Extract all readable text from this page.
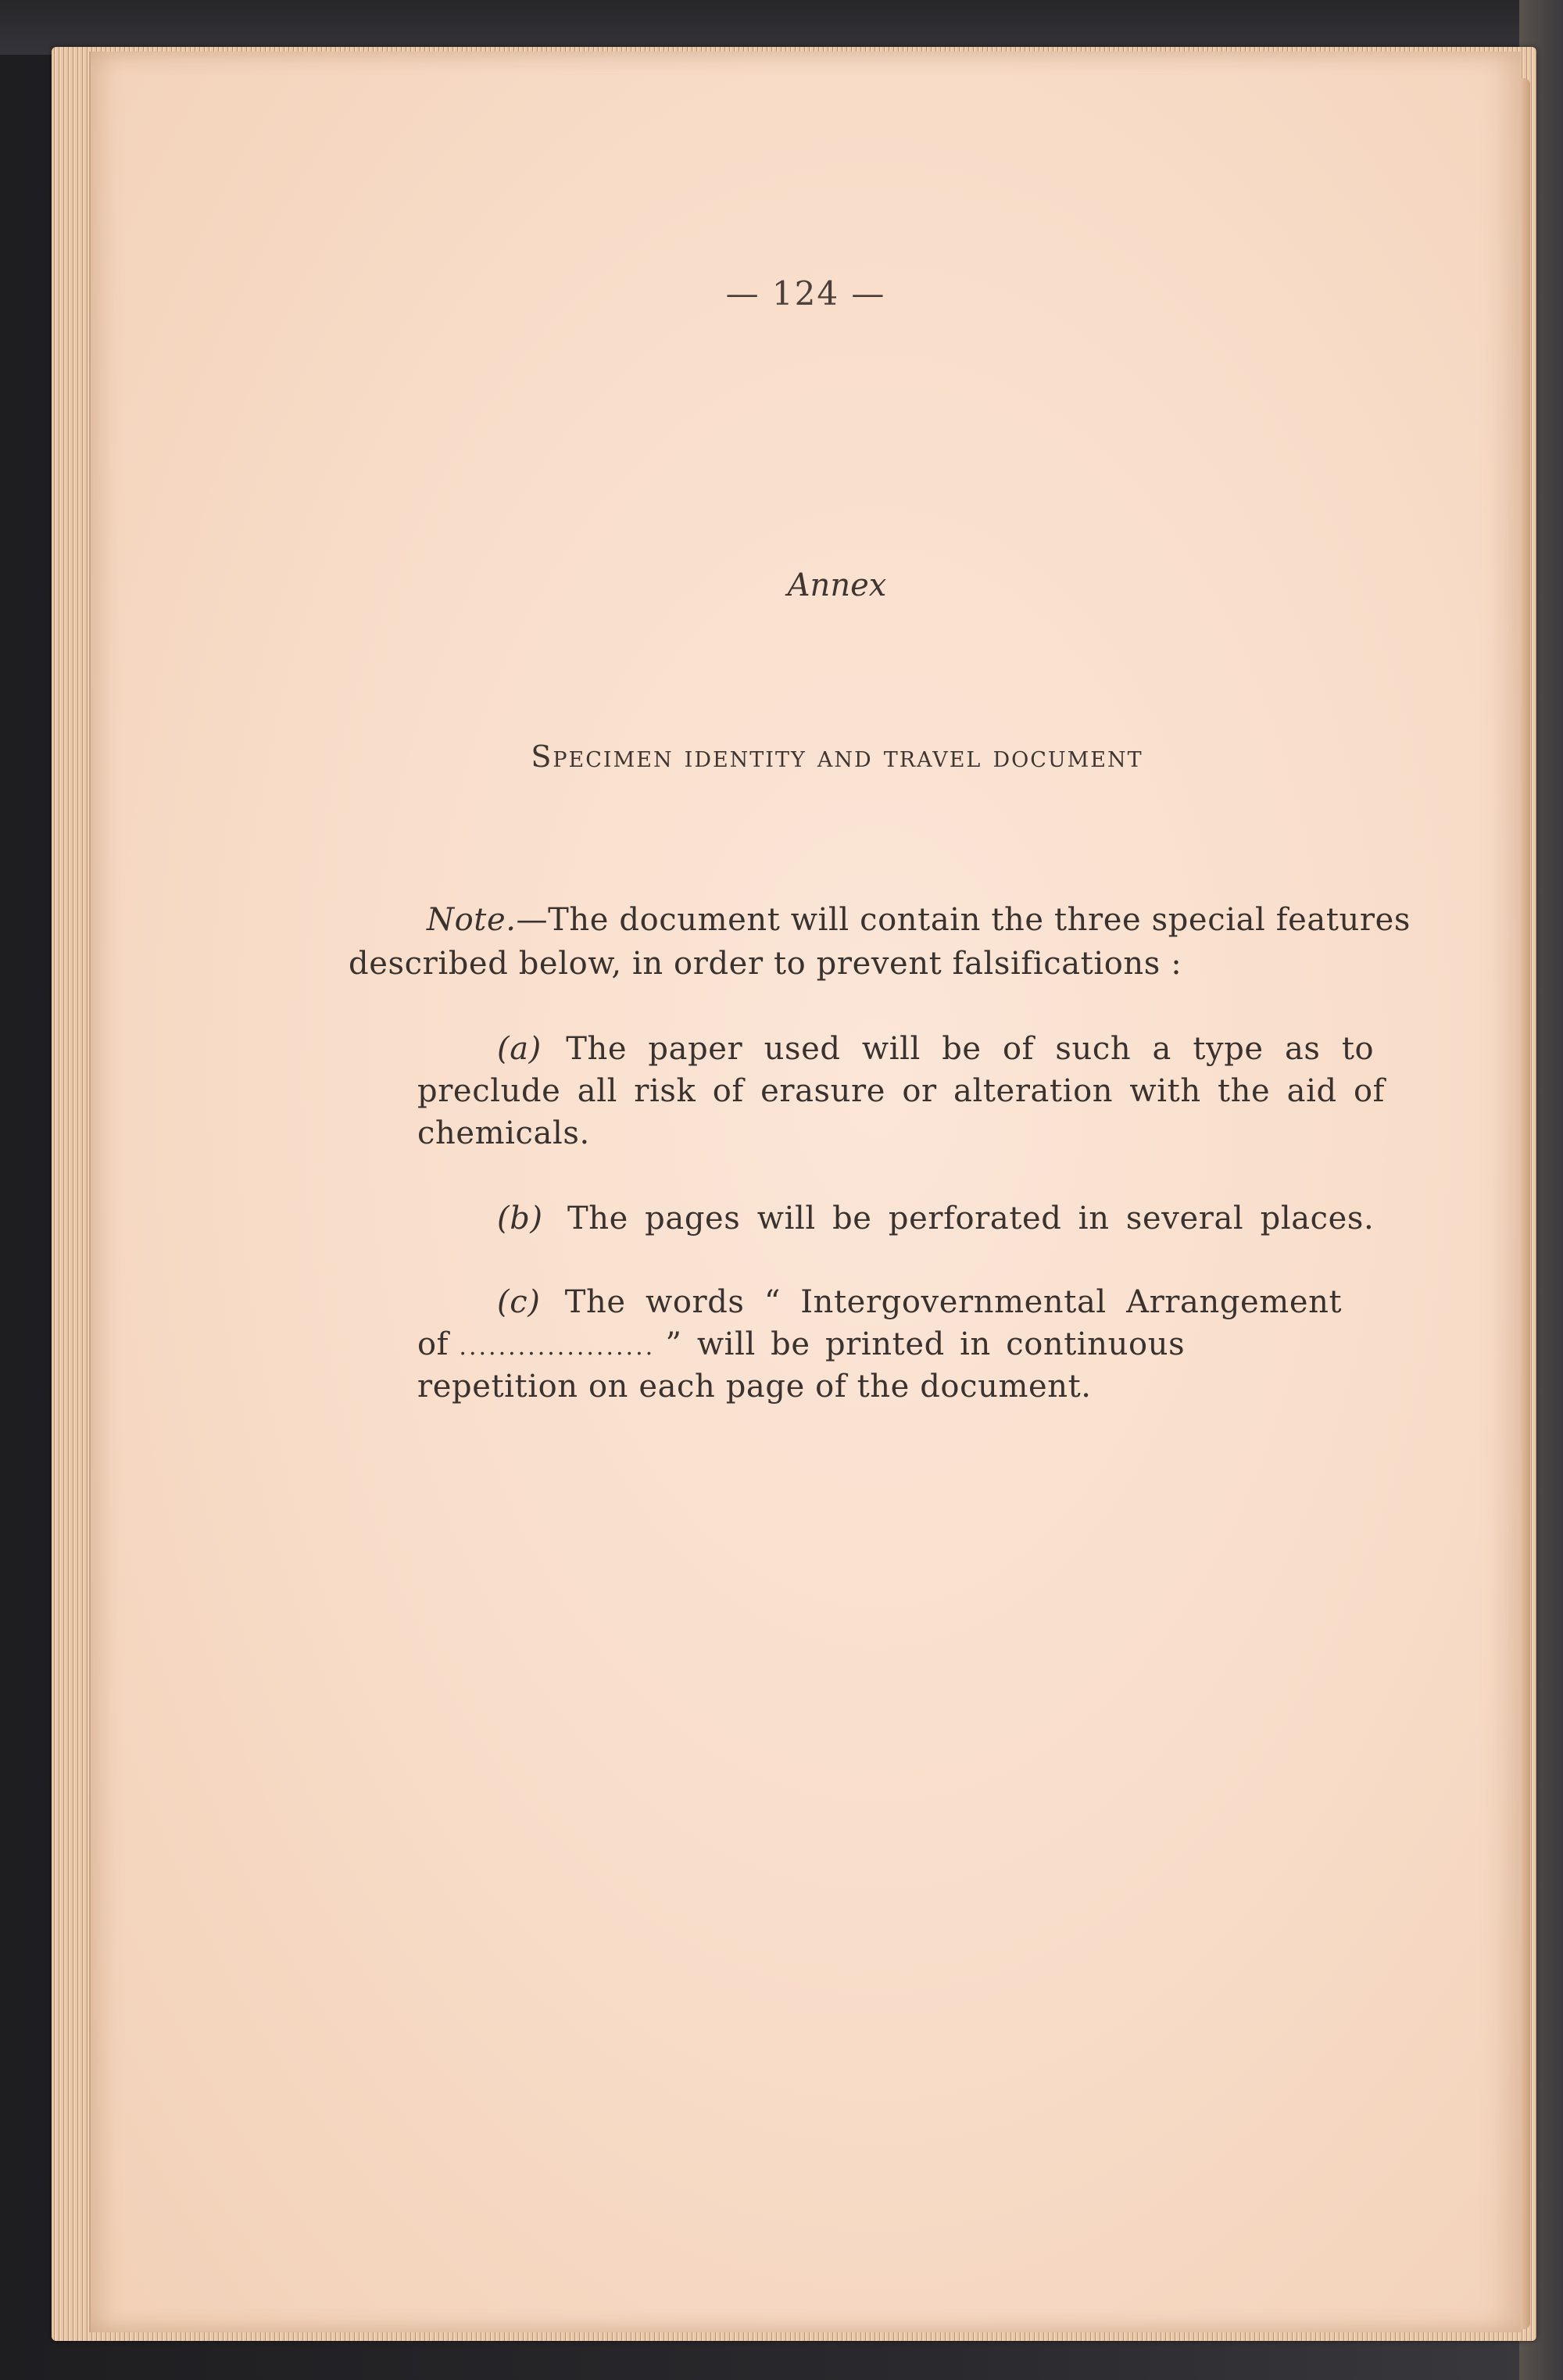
— 124 —
Annex
Specimen identity and travel document
Note.—The document will contain the three special features
described below, in order to prevent falsifications :
(a) The paper used will be of such a type as to
preclude all risk of erasure or alteration with the aid of
chemicals.
(b) The pages will be perforated in several places.
(c) The words “ Intergovernmental Arrangement
of .................... ” will be printed in continuous
repetition on each page of the document.
